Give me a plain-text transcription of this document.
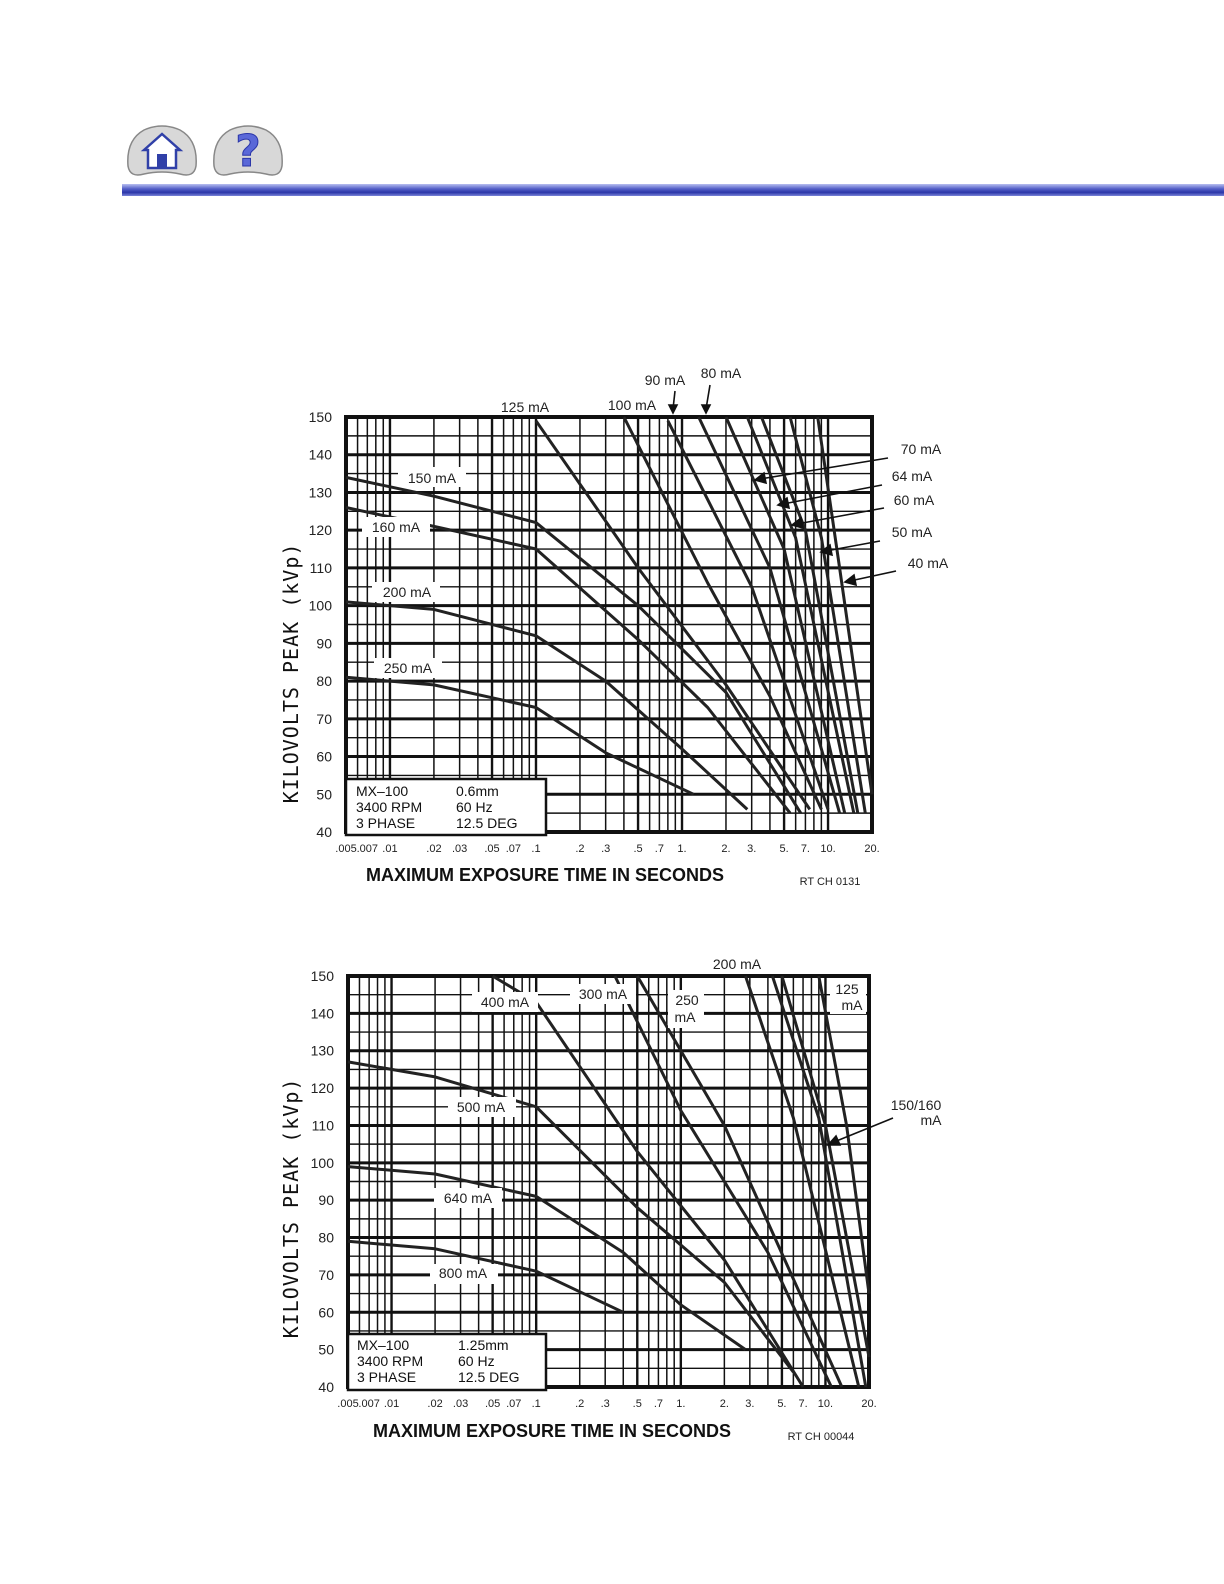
?
40
50
60
70
80
90
100
110
120
130
140
150
.005 .007 .01	.02 .03 .05 .07 .1	.2 .3 .5 .7 1.	2. 3. 5. 7. 10.	20.
125 mA	100 mA
90 mA 80 mA
150 mA
160 mA
200 mA
250 mA
70 mA
64 mA
60 mA
50 mA
40 mA
MX–100	0.6mm
3400 RPM 60 Hz
3 PHASE	12.5 DEG
KILOVOLTS PEAK (kVp)
MAXIMUM EXPOSURE TIME IN SECONDS	RT CH 0131
40
50
60
70
80
90
100
110
120
130
140
150
.005 .007 .01	.02 .03 .05 .07 .1	.2 .3 .5 .7 1.	2. 3. 5. 7. 10.	20.
200 mA
400 mA	300 mA	250
mA
125
mA
500 mA
640 mA
800 mA
150/160
mA
MX–100	1.25mm
3400 RPM 60 Hz
3 PHASE	12.5 DEG
KILOVOLTS PEAK (kVp)
MAXIMUM EXPOSURE TIME IN SECONDS	RT CH 00044
